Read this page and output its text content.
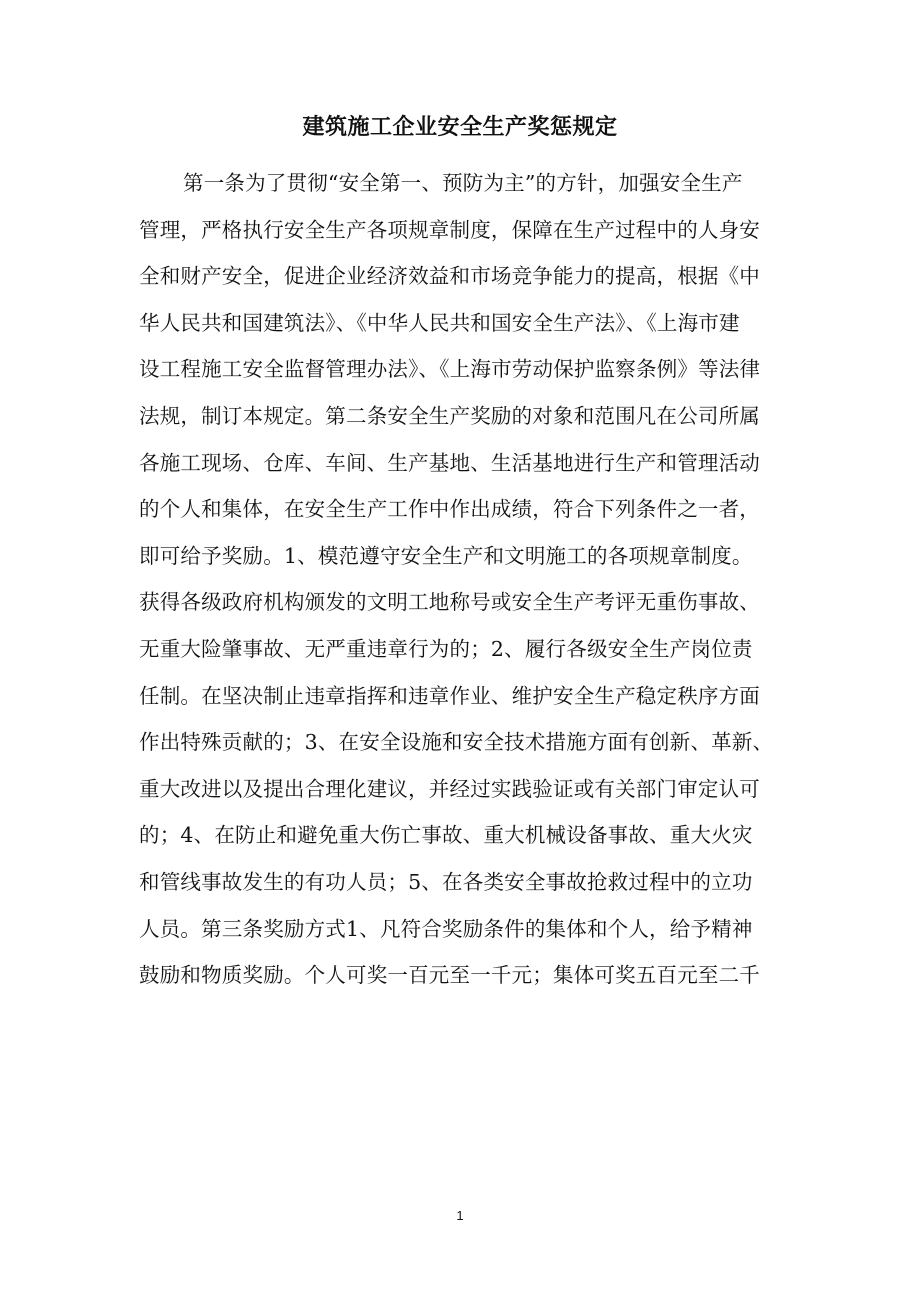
建筑施工企业安全生产奖惩规定
第一条为了贯彻“安全第一、预防为主”的方针，加强安全生产
管理，严格执行安全生产各项规章制度，保障在生产过程中的人身安
全和财产安全，促进企业经济效益和市场竞争能力的提高，根据《中
华人民共和国建筑法》、《中华人民共和国安全生产法》、《上海市建
设工程施工安全监督管理办法》、《上海市劳动保护监察条例》等法律
法规，制订本规定。第二条安全生产奖励的对象和范围凡在公司所属
各施工现场、仓库、车间、生产基地、生活基地进行生产和管理活动
的个人和集体，在安全生产工作中作出成绩，符合下列条件之一者，
即可给予奖励。1、模范遵守安全生产和文明施工的各项规章制度。
获得各级政府机构颁发的文明工地称号或安全生产考评无重伤事故、
无重大险肇事故、无严重违章行为的；2、履行各级安全生产岗位责
任制。在坚决制止违章指挥和违章作业、维护安全生产稳定秩序方面
作出特殊贡献的；3、在安全设施和安全技术措施方面有创新、革新、
重大改进以及提出合理化建议，并经过实践验证或有关部门审定认可
的；4、在防止和避免重大伤亡事故、重大机械设备事故、重大火灾
和管线事故发生的有功人员；5、在各类安全事故抢救过程中的立功
人员。第三条奖励方式1、凡符合奖励条件的集体和个人，给予精神
鼓励和物质奖励。个人可奖一百元至一千元；集体可奖五百元至二千
1
